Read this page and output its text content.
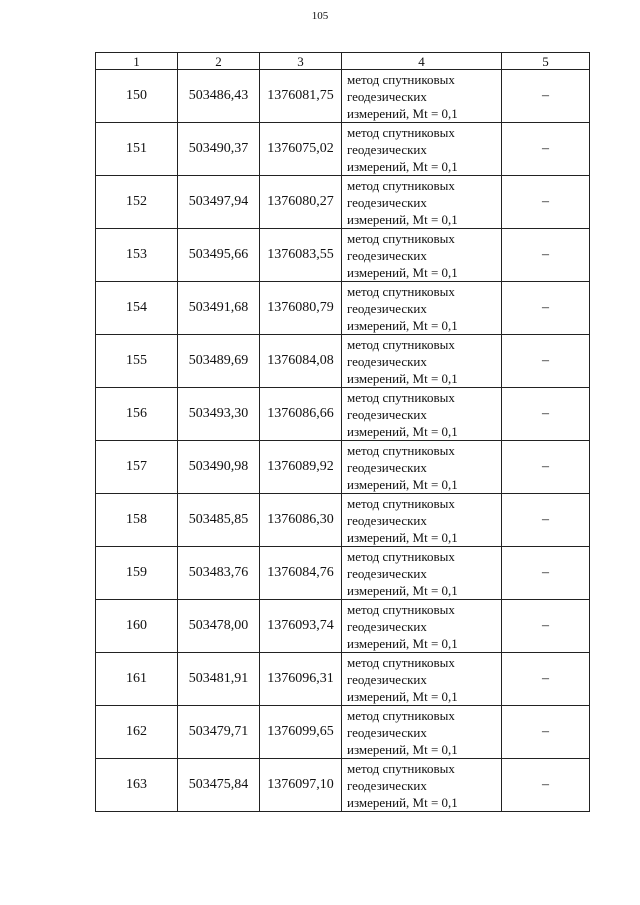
105
1	2	3	4	5
150	503486,43	1376081,75	метод спутниковых
геодезических
измерений, Mt = 0,1	–
151	503490,37	1376075,02	метод спутниковых
геодезических
измерений, Mt = 0,1	–
152	503497,94	1376080,27	метод спутниковых
геодезических
измерений, Mt = 0,1	–
153	503495,66	1376083,55	метод спутниковых
геодезических
измерений, Mt = 0,1	–
154	503491,68	1376080,79	метод спутниковых
геодезических
измерений, Mt = 0,1	–
155	503489,69	1376084,08	метод спутниковых
геодезических
измерений, Mt = 0,1	–
156	503493,30	1376086,66	метод спутниковых
геодезических
измерений, Mt = 0,1	–
157	503490,98	1376089,92	метод спутниковых
геодезических
измерений, Mt = 0,1	–
158	503485,85	1376086,30	метод спутниковых
геодезических
измерений, Mt = 0,1	–
159	503483,76	1376084,76	метод спутниковых
геодезических
измерений, Mt = 0,1	–
160	503478,00	1376093,74	метод спутниковых
геодезических
измерений, Mt = 0,1	–
161	503481,91	1376096,31	метод спутниковых
геодезических
измерений, Mt = 0,1	–
162	503479,71	1376099,65	метод спутниковых
геодезических
измерений, Mt = 0,1	–
163	503475,84	1376097,10	метод спутниковых
геодезических
измерений, Mt = 0,1	–
